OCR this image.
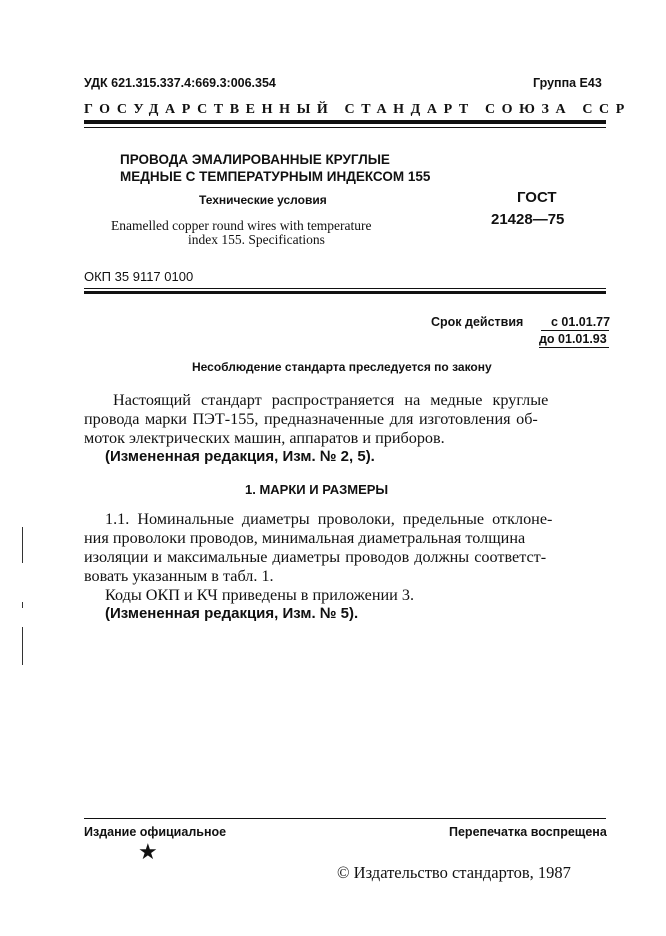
УДК 621.315.337.4:669.3:006.354	Группа Е43
ГОСУДАРСТВЕННЫЙ СТАНДАРТ СОЮЗА ССР
ПРОВОДА ЭМАЛИРОВАННЫЕ КРУГЛЫЕ
МЕДНЫЕ С ТЕМПЕРАТУРНЫМ ИНДЕКСОМ 155
Технические условия
Enamelled copper round wires with temperature
index 155. Specifications
ГОСТ
21428—75
ОКП 35 9117 0100
Срок действия с 01.01.77
до 01.01.93
Несоблюдение стандарта преследуется по закону
Настоящий стандарт распространяется на медные круглые
провода марки ПЭТ-155, предназначенные для изготовления об-
моток электрических машин, аппаратов и приборов.
(Измененная редакция, Изм. № 2, 5).
1. МАРКИ И РАЗМЕРЫ
1.1. Номинальные диаметры проволоки, предельные отклоне-
ния проволоки проводов, минимальная диаметральная толщина
изоляции и максимальные диаметры проводов должны соответст-
вовать указанным в табл. 1.
Коды ОКП и КЧ приведены в приложении 3.
(Измененная редакция, Изм. № 5).
Издание официальное	Перепечатка воспрещена
★
© Издательство стандартов, 1987
